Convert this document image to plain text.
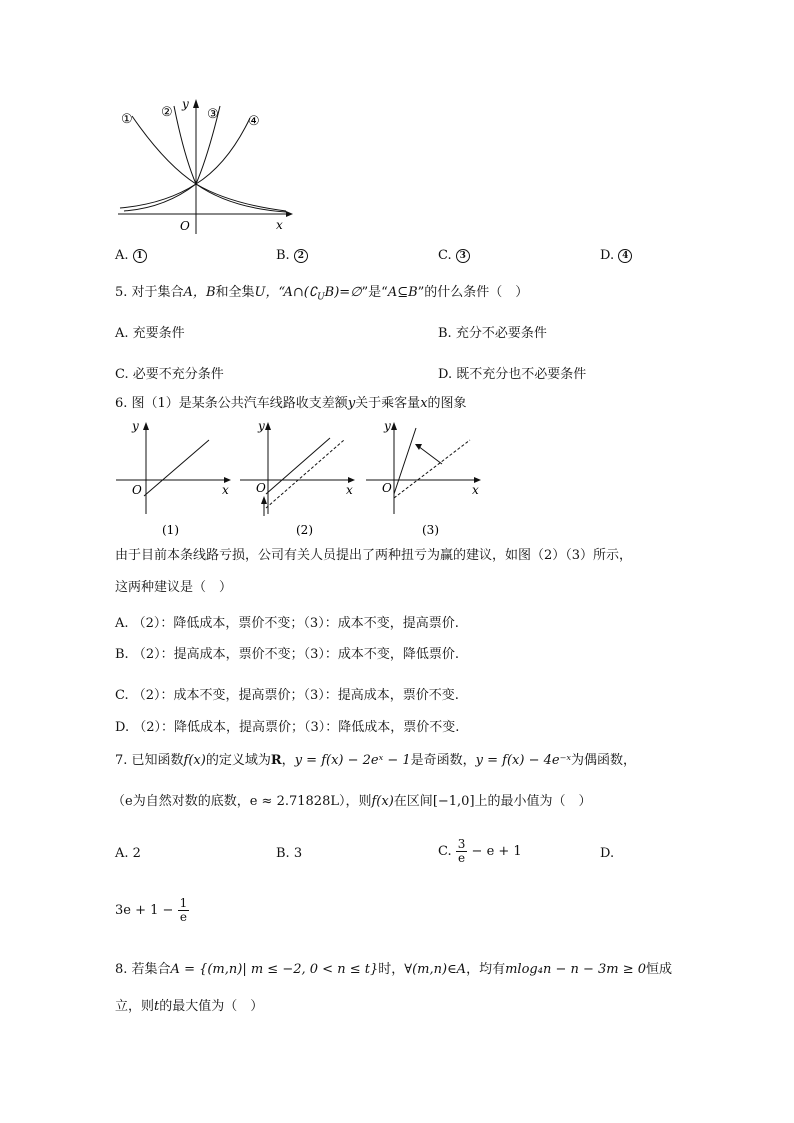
① ②	③ ④
y
x
O
A. 1	B. 2	C. 3	D. 4
5. 对于集合A，B和全集U，“$A\cap(∁_UB)=\emptyset$”是“A⊆B”的什么条件（　）
A. 充要条件	B. 充分不必要条件
C. 必要不充分条件	D. 既不充分也不必要条件
6. 图（1）是某条公共汽车线路收支差额y关于乘客量x的图象
y
x
O
(1)
y
x
O
(2)
y
x
O
(3)
由于目前本条线路亏损，公司有关人员提出了两种扭亏为赢的建议，如图（2）（3）所示，
这两种建议是（　）
A. （2）：降低成本，票价不变；（3）：成本不变，提高票价.
B. （2）：提高成本，票价不变；（3）：成本不变，降低票价.
C. （2）：成本不变，提高票价；（3）：提高成本，票价不变.
D. （2）：降低成本，提高票价；（3）：降低成本，票价不变.
7. 已知函数f(x)的定义域为R，y = f(x) − 2eˣ − 1是奇函数，y = f(x) − 4e⁻ˣ为偶函数，
（e为自然对数的底数，e ≈ 2.71828L），则f(x)在区间[−1,0]上的最小值为（　）
A. 2	B. 3	C. $\frac{3}{e} - e + 1$	D.
$3e + 1 - \frac{1}{e}$
8. 若集合A = {(m,n)| m ≤ −2, 0 < n ≤ t}时，∀(m,n)∈A，均有mlog₄n − n − 3m ≥ 0恒成
立，则t的最大值为（　）
